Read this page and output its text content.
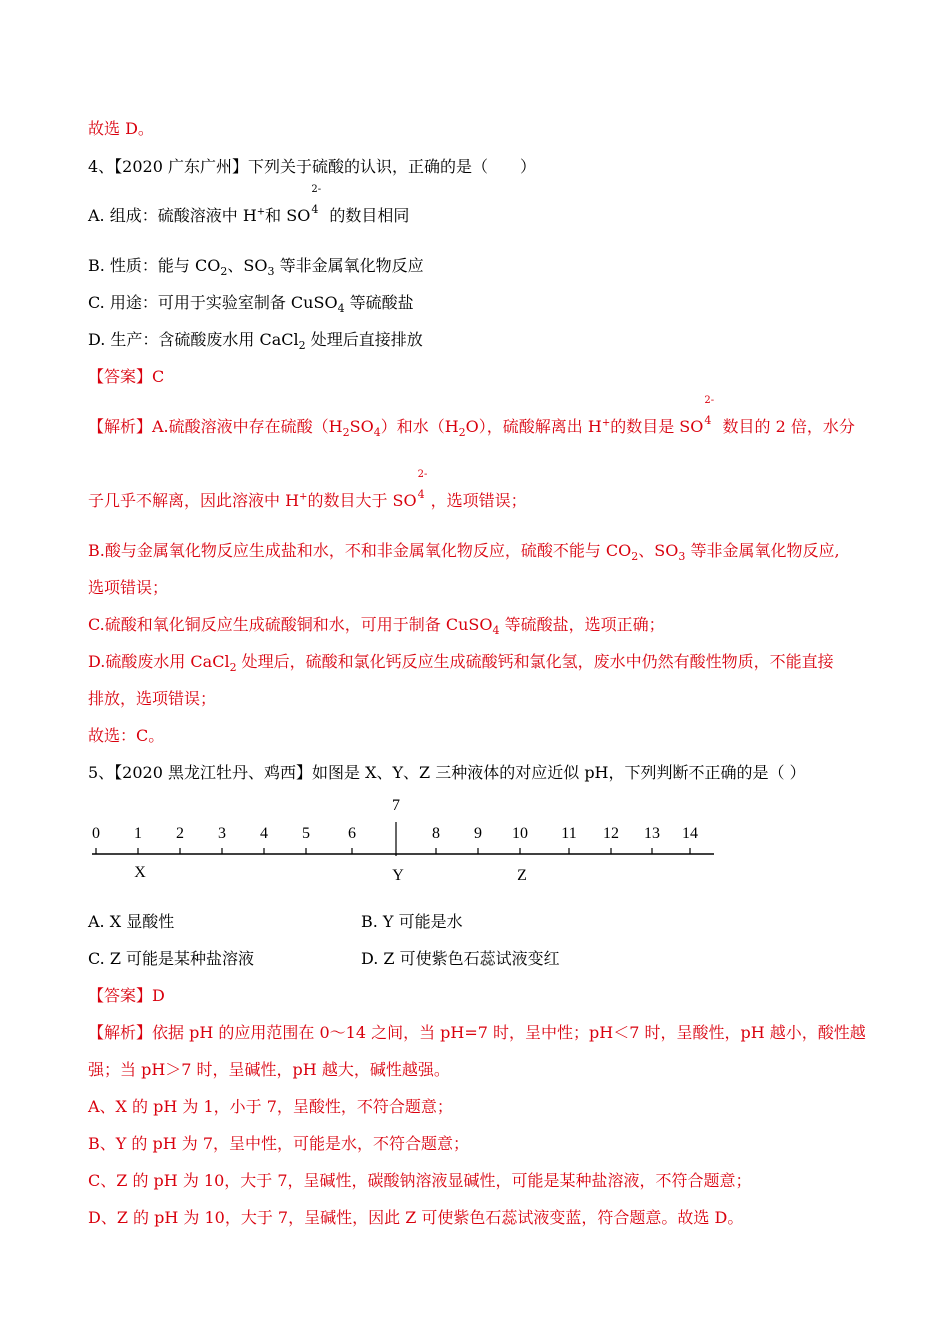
故选 D。
4、【2020 广东广州】下列关于硫酸的认识，正确的是（　　）
A. 组成：硫酸溶液中 H+和 SO
2-
4 的数目相同
B. 性质：能与 $CO_2$、$SO_3$ 等非金属氧化物反应
C. 用途：可用于实验室制备 CuSO$_4$ 等硫酸盐
D. 生产：含硫酸废水用 CaCl$_2$ 处理后直接排放
【答案】C
【解析】A.硫酸溶液中存在硫酸$(H_2SO_4)$和水$(H_2O)$，硫酸解离出 H+的数目是 SO
2-
4 数目的 2 倍，水分
子几乎不解离，因此溶液中 H+的数目大于 SO
2-
4 ，选项错误；
B.酸与金属氧化物反应生成盐和水，不和非金属氧化物反应，硫酸不能与 $CO_2$、$SO_3$ 等非金属氧化物反应,
选项错误；
C.硫酸和氧化铜反应生成硫酸铜和水，可用于制备 CuSO$_4$ 等硫酸盐，选项正确；
D.硫酸废水用 CaCl$_2$ 处理后，硫酸和氯化钙反应生成硫酸钙和氯化氢，废水中仍然有酸性物质，不能直接
排放，选项错误；
故选：C。
5、【2020 黑龙江牡丹、鸡西】如图是 X、Y、Z 三种液体的对应近似 pH，下列判断不正确的是（ ）
0 1 2 3 4 5 6
7
8 9 10 11 12 13 14
X	Y	Z
A. X 显酸性	B. Y 可能是水
C. Z 可能是某种盐溶液	D. Z 可使紫色石蕊试液变红
【答案】D
【解析】依据 pH 的应用范围在 0～14 之间，当 pH=7 时，呈中性；pH＜7 时，呈酸性，pH 越小，酸性越
强；当 pH＞7 时，呈碱性，pH 越大，碱性越强。
A、X 的 pH 为 1，小于 7，呈酸性，不符合题意；
B、Y 的 pH 为 7，呈中性，可能是水，不符合题意；
C、Z 的 pH 为 10，大于 7，呈碱性，碳酸钠溶液显碱性，可能是某种盐溶液，不符合题意；
D、Z 的 pH 为 10，大于 7，呈碱性，因此 Z 可使紫色石蕊试液变蓝，符合题意。故选 D。
